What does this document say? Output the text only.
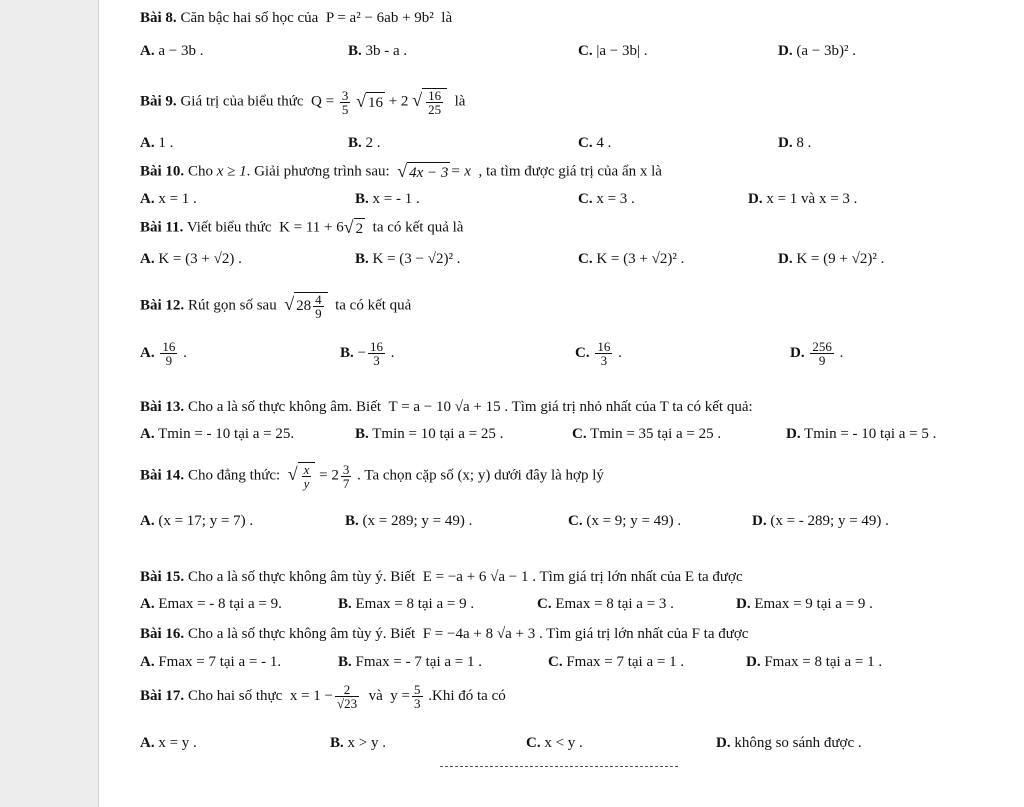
Bài 8. Căn bậc hai số học của P = a² − 6ab + 9b² là
A. a − 3b .	B. 3b - a .	C. |a − 3b| .	D. (a − 3b)² .
Bài 9. Giá trị của biểu thức $Q = \frac{3}{5}$ √ 16 + 2 √ $\frac{16}{25}$ là
A. 1 .	B. 2 .	C. 4 .	D. 8 .
Bài 10. Cho x ≥ 1. Giải phương trình sau: √ 4x − 3 = x , ta tìm được giá trị của ẩn x là
A. x = 1 .	B. x = - 1 .	C. x = 3 .	D. x = 1 và x = 3 .
Bài 11. Viết biểu thức K = 11 + 6√ 2 ta có kết quả là
A. K = (3 + √2) .	B. K = (3 − √2)² .	C. K = (3 + √2)² .	D. K = (9 + √2)² .
Bài 12. Rút gọn số sau √ $28 \frac{4}{9}$ ta có kết quả
A. $\frac{16}{9}$ .	B. − $\frac{16}{3}$ .	C. $\frac{16}{3}$ .	D. $\frac{256}{9}$ .
Bài 13. Cho a là số thực không âm. Biết T = a − 10 √a + 15 . Tìm giá trị nhỏ nhất của T ta có kết quả:
A. Tmin = - 10 tại a = 25.	B. Tmin = 10 tại a = 25 .	C. Tmin = 35 tại a = 25 .	D. Tmin = - 10 tại a = 5 .
Bài 14. Cho đẳng thức: √ $\frac{x}{y} = 2 \frac{3}{7}$ . Ta chọn cặp số (x; y) dưới đây là hợp lý
A. (x = 17; y = 7) .	B. (x = 289; y = 49) .	C. (x = 9; y = 49) .	D. (x = - 289; y = 49) .
Bài 15. Cho a là số thực không âm tùy ý. Biết E = −a + 6 √a − 1 . Tìm giá trị lớn nhất của E ta được
A. Emax = - 8 tại a = 9.	B. Emax = 8 tại a = 9 .	C. Emax = 8 tại a = 3 .	D. Emax = 9 tại a = 9 .
Bài 16. Cho a là số thực không âm tùy ý. Biết F = −4a + 8 √a + 3 . Tìm giá trị lớn nhất của F ta được
A. Fmax = 7 tại a = - 1.	B. Fmax = - 7 tại a = 1 .	C. Fmax = 7 tại a = 1 .	D. Fmax = 8 tại a = 1 .
Bài 17. Cho hai số thực $x = 1 - \frac{2}{√23}$ và $y = \frac{5}{3} .Khi$ đó ta có
A. x = y .	B. x > y .	C. x < y .	D. không so sánh được .
